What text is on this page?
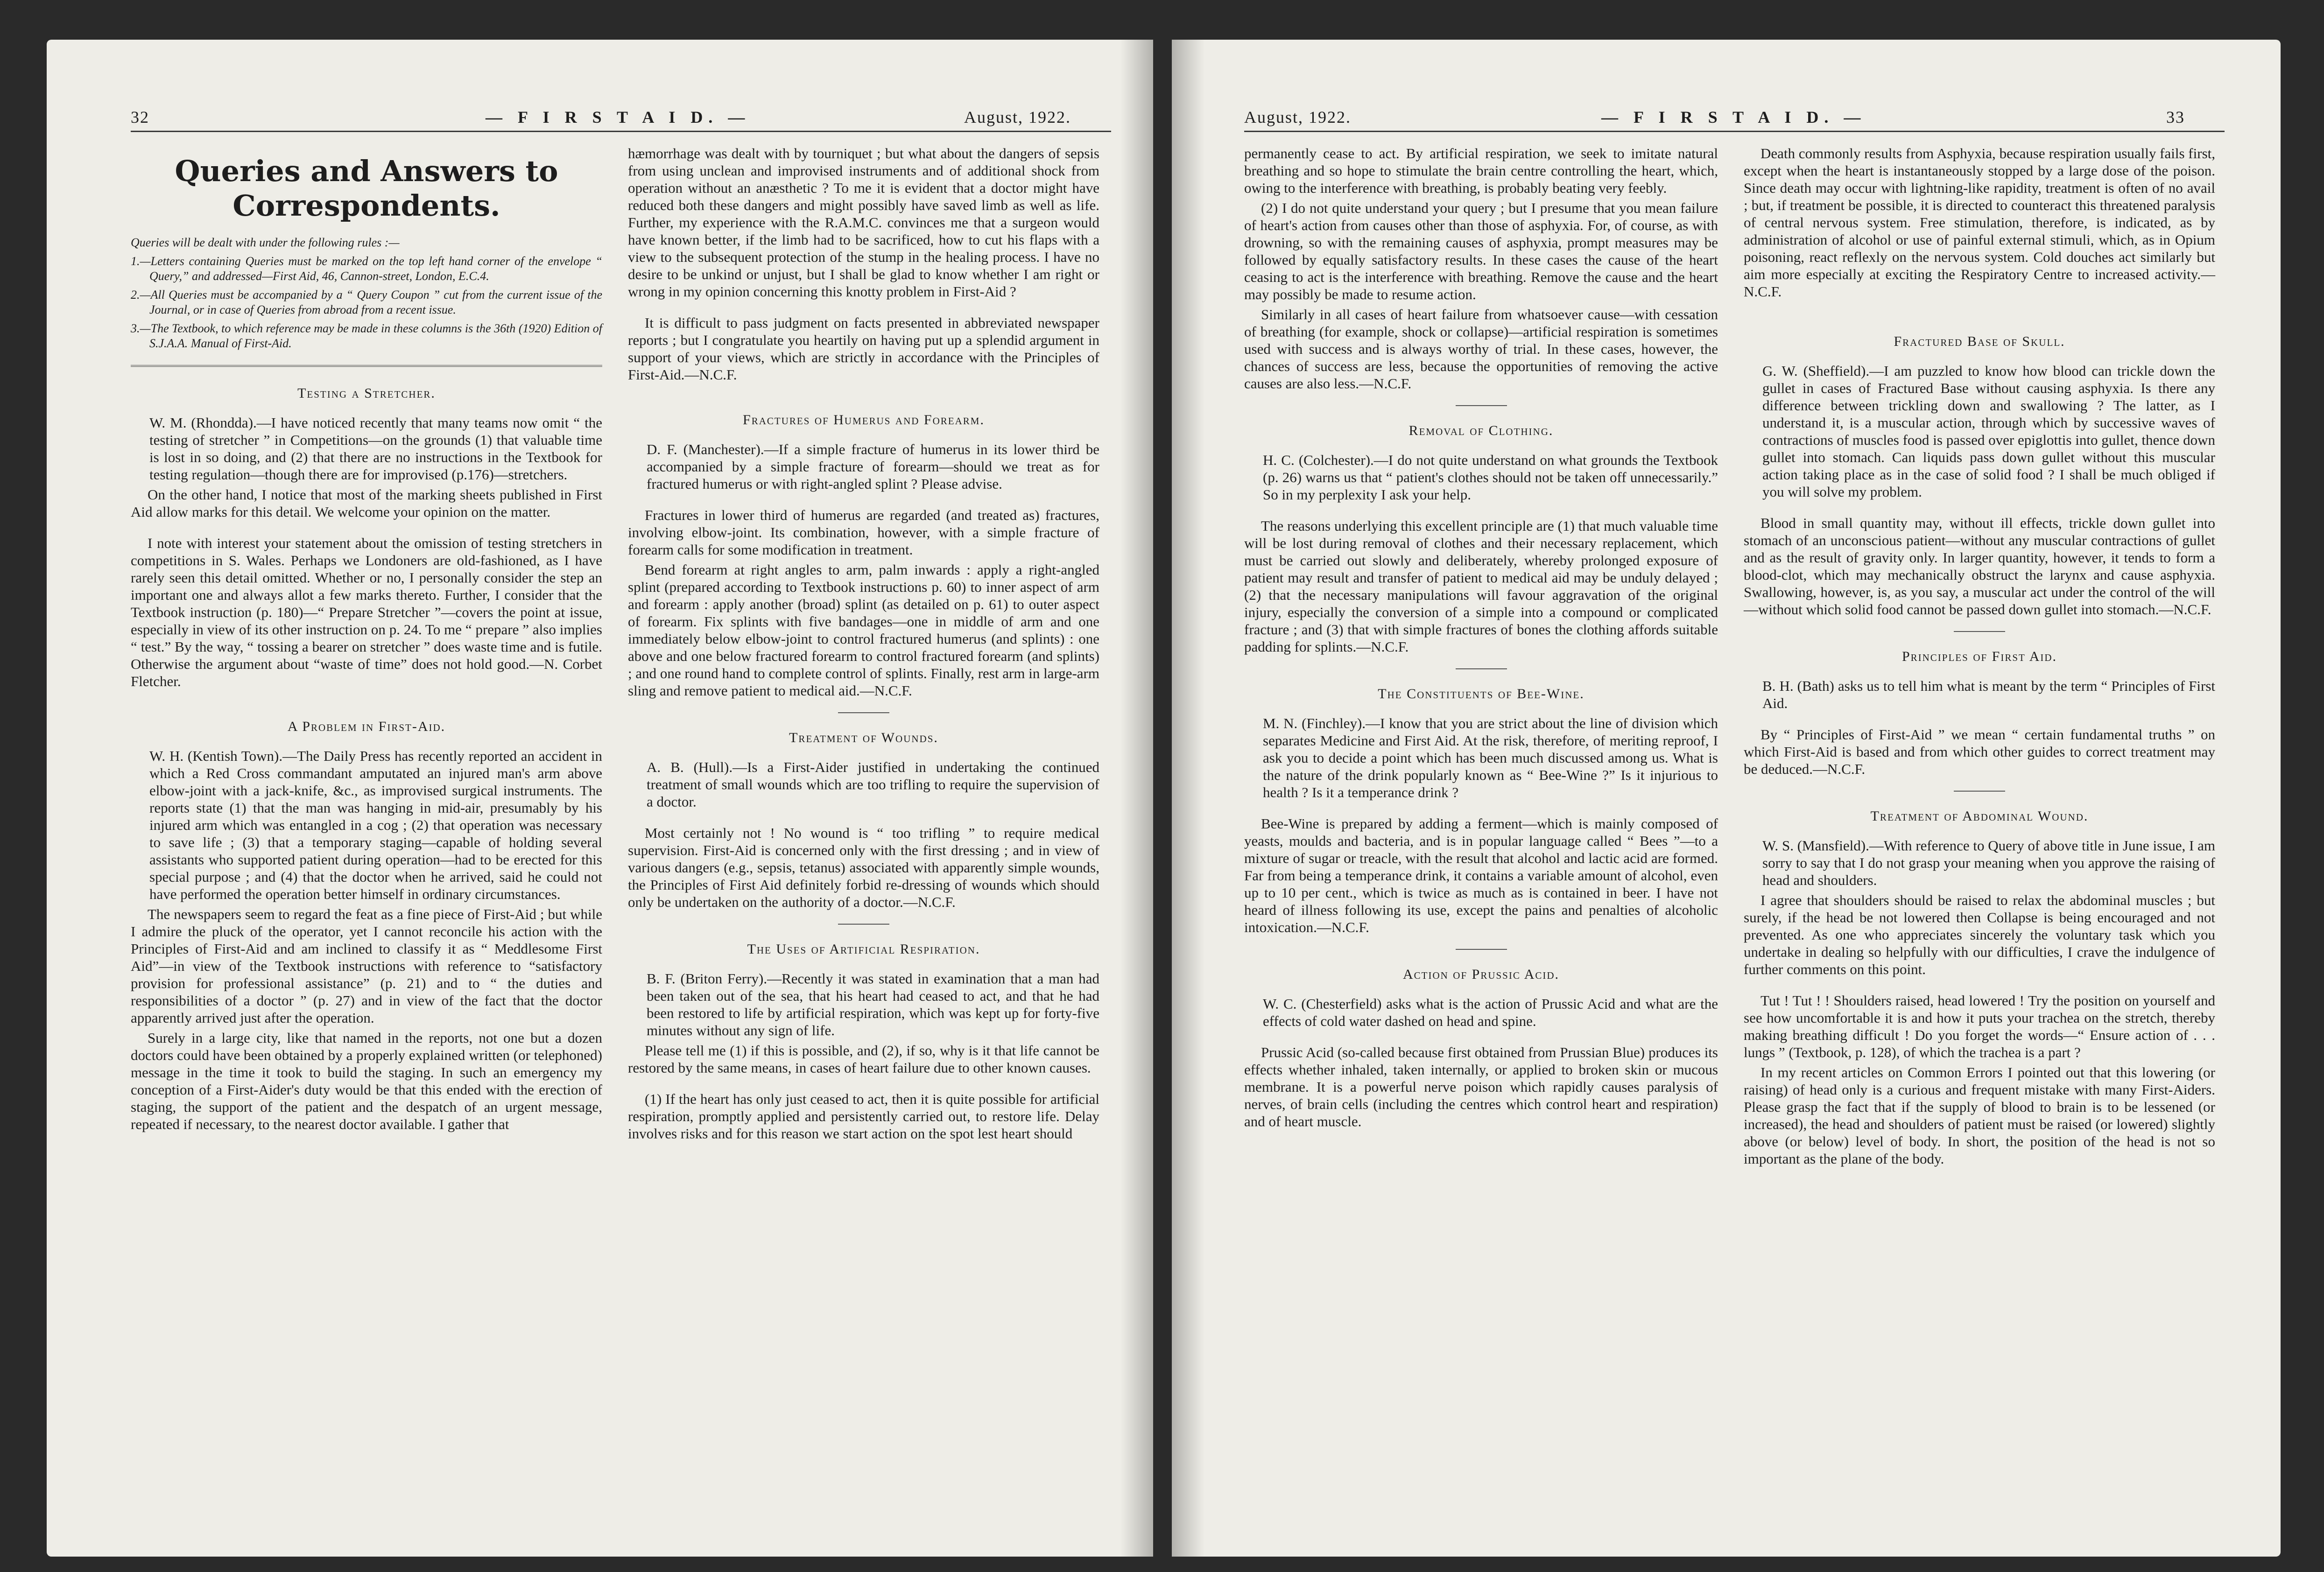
32	— F I R S T A I D. —	August, 1922.
Queries and Answers to Correspondents.

Queries will be dealt with under the following rules :—

1.—Letters containing Queries must be marked on the top left hand corner of the envelope “ Query,” and addressed—First Aid, 46, Cannon-street, London, E.C.4.

2.—All Queries must be accompanied by a “ Query Coupon ” cut from the current issue of the Journal, or in case of Queries from abroad from a recent issue.

3.—The Textbook, to which reference may be made in these columns is the 36th (1920) Edition of S.J.A.A. Manual of First-Aid.

Testing a Stretcher.

W. M. (Rhondda).—I have noticed recently that many teams now omit “ the testing of stretcher ” in Competitions—on the grounds (1) that valuable time is lost in so doing, and (2) that there are no instructions in the Textbook for testing regulation—though there are for improvised (p.176)—stretchers.

On the other hand, I notice that most of the marking sheets published in First Aid allow marks for this detail. We welcome your opinion on the matter.

I note with interest your statement about the omission of testing stretchers in competitions in S. Wales. Perhaps we Londoners are old-fashioned, as I have rarely seen this detail omitted. Whether or no, I personally consider the step an important one and always allot a few marks thereto. Further, I consider that the Textbook instruction (p. 180)—“ Prepare Stretcher ”—covers the point at issue, especially in view of its other instruction on p. 24. To me “ prepare ” also implies “ test.” By the way, “ tossing a bearer on stretcher ” does waste time and is futile. Otherwise the argument about “waste of time” does not hold good.—N. Corbet Fletcher.

A Problem in First-Aid.

W. H. (Kentish Town).—The Daily Press has recently reported an accident in which a Red Cross commandant amputated an injured man's arm above elbow-joint with a jack-knife, &c., as improvised surgical instruments. The reports state (1) that the man was hanging in mid-air, presumably by his injured arm which was entangled in a cog ; (2) that operation was necessary to save life ; (3) that a temporary staging—capable of holding several assistants who supported patient during operation—had to be erected for this special purpose ; and (4) that the doctor when he arrived, said he could not have performed the operation better himself in ordinary circumstances.

The newspapers seem to regard the feat as a fine piece of First-Aid ; but while I admire the pluck of the operator, yet I cannot reconcile his action with the Principles of First-Aid and am inclined to classify it as “ Meddlesome First Aid”—in view of the Textbook instructions with reference to “satisfactory provision for professional assistance” (p. 21) and to “ the duties and responsibilities of a doctor ” (p. 27) and in view of the fact that the doctor apparently arrived just after the operation.

Surely in a large city, like that named in the reports, not one but a dozen doctors could have been obtained by a properly explained written (or telephoned) message in the time it took to build the staging. In such an emergency my conception of a First-Aider's duty would be that this ended with the erection of staging, the support of the patient and the despatch of an urgent message, repeated if necessary, to the nearest doctor available. I gather that

hæmorrhage was dealt with by tourniquet ; but what about the dangers of sepsis from using unclean and improvised instruments and of additional shock from operation without an anæsthetic ? To me it is evident that a doctor might have reduced both these dangers and might possibly have saved limb as well as life. Further, my experience with the R.A.M.C. convinces me that a surgeon would have known better, if the limb had to be sacrificed, how to cut his flaps with a view to the subsequent protection of the stump in the healing process. I have no desire to be unkind or unjust, but I shall be glad to know whether I am right or wrong in my opinion concerning this knotty problem in First-Aid ?

It is difficult to pass judgment on facts presented in abbreviated newspaper reports ; but I congratulate you heartily on having put up a splendid argument in support of your views, which are strictly in accordance with the Principles of First-Aid.—N.C.F.

Fractures of Humerus and Forearm.

D. F. (Manchester).—If a simple fracture of humerus in its lower third be accompanied by a simple fracture of forearm—should we treat as for fractured humerus or with right-angled splint ? Please advise.

Fractures in lower third of humerus are regarded (and treated as) fractures, involving elbow-joint. Its combination, however, with a simple fracture of forearm calls for some modification in treatment.

Bend forearm at right angles to arm, palm inwards : apply a right-angled splint (prepared according to Textbook instructions p. 60) to inner aspect of arm and forearm : apply another (broad) splint (as detailed on p. 61) to outer aspect of forearm. Fix splints with five bandages—one in middle of arm and one immediately below elbow-joint to control fractured humerus (and splints) : one above and one below fractured forearm to control fractured forearm (and splints) ; and one round hand to complete control of splints. Finally, rest arm in large-arm sling and remove patient to medical aid.—N.C.F.

Treatment of Wounds.

A. B. (Hull).—Is a First-Aider justified in undertaking the continued treatment of small wounds which are too trifling to require the supervision of a doctor.

Most certainly not ! No wound is “ too trifling ” to require medical supervision. First-Aid is concerned only with the first dressing ; and in view of various dangers (e.g., sepsis, tetanus) associated with apparently simple wounds, the Principles of First Aid definitely forbid re-dressing of wounds which should only be undertaken on the authority of a doctor.—N.C.F.

The Uses of Artificial Respiration.

B. F. (Briton Ferry).—Recently it was stated in examination that a man had been taken out of the sea, that his heart had ceased to act, and that he had been restored to life by artificial respiration, which was kept up for forty-five minutes without any sign of life.

Please tell me (1) if this is possible, and (2), if so, why is it that life cannot be restored by the same means, in cases of heart failure due to other known causes.

(1) If the heart has only just ceased to act, then it is quite possible for artificial respiration, promptly applied and persistently carried out, to restore life. Delay involves risks and for this reason we start action on the spot lest heart should

August, 1922.	— F I R S T A I D. —	33

permanently cease to act. By artificial respiration, we seek to imitate natural breathing and so hope to stimulate the brain centre controlling the heart, which, owing to the interference with breathing, is probably beating very feebly.

(2) I do not quite understand your query ; but I presume that you mean failure of heart's action from causes other than those of asphyxia. For, of course, as with drowning, so with the remaining causes of asphyxia, prompt measures may be followed by equally satisfactory results. In these cases the cause of the heart ceasing to act is the interference with breathing. Remove the cause and the heart may possibly be made to resume action.

Similarly in all cases of heart failure from whatsoever cause—with cessation of breathing (for example, shock or collapse)—artificial respiration is sometimes used with success and is always worthy of trial. In these cases, however, the chances of success are less, because the opportunities of removing the active causes are also less.—N.C.F.

Removal of Clothing.

H. C. (Colchester).—I do not quite understand on what grounds the Textbook (p. 26) warns us that “ patient's clothes should not be taken off unnecessarily.” So in my perplexity I ask your help.

The reasons underlying this excellent principle are (1) that much valuable time will be lost during removal of clothes and their necessary replacement, which must be carried out slowly and deliberately, whereby prolonged exposure of patient may result and transfer of patient to medical aid may be unduly delayed ; (2) that the necessary manipulations will favour aggravation of the original injury, especially the conversion of a simple into a compound or complicated fracture ; and (3) that with simple fractures of bones the clothing affords suitable padding for splints.—N.C.F.

The Constituents of Bee-Wine.

M. N. (Finchley).—I know that you are strict about the line of division which separates Medicine and First Aid. At the risk, therefore, of meriting reproof, I ask you to decide a point which has been much discussed among us. What is the nature of the drink popularly known as “ Bee-Wine ?” Is it injurious to health ? Is it a temperance drink ?

Bee-Wine is prepared by adding a ferment—which is mainly composed of yeasts, moulds and bacteria, and is in popular language called “ Bees ”—to a mixture of sugar or treacle, with the result that alcohol and lactic acid are formed. Far from being a temperance drink, it contains a variable amount of alcohol, even up to 10 per cent., which is twice as much as is contained in beer. I have not heard of illness following its use, except the pains and penalties of alcoholic intoxication.—N.C.F.

Action of Prussic Acid.

W. C. (Chesterfield) asks what is the action of Prussic Acid and what are the effects of cold water dashed on head and spine.

Prussic Acid (so-called because first obtained from Prussian Blue) produces its effects whether inhaled, taken internally, or applied to broken skin or mucous membrane. It is a powerful nerve poison which rapidly causes paralysis of nerves, of brain cells (including the centres which control heart and respiration) and of heart muscle.

Death commonly results from Asphyxia, because respiration usually fails first, except when the heart is instantaneously stopped by a large dose of the poison. Since death may occur with lightning-like rapidity, treatment is often of no avail ; but, if treatment be possible, it is directed to counteract this threatened paralysis of central nervous system. Free stimulation, therefore, is indicated, as by administration of alcohol or use of painful external stimuli, which, as in Opium poisoning, react reflexly on the nervous system. Cold douches act similarly but aim more especially at exciting the Respiratory Centre to increased activity.—N.C.F.

Fractured Base of Skull.

G. W. (Sheffield).—I am puzzled to know how blood can trickle down the gullet in cases of Fractured Base without causing asphyxia. Is there any difference between trickling down and swallowing ? The latter, as I understand it, is a muscular action, through which by successive waves of contractions of muscles food is passed over epiglottis into gullet, thence down gullet into stomach. Can liquids pass down gullet without this muscular action taking place as in the case of solid food ? I shall be much obliged if you will solve my problem.

Blood in small quantity may, without ill effects, trickle down gullet into stomach of an unconscious patient—without any muscular contractions of gullet and as the result of gravity only. In larger quantity, however, it tends to form a blood-clot, which may mechanically obstruct the larynx and cause asphyxia. Swallowing, however, is, as you say, a muscular act under the control of the will—without which solid food cannot be passed down gullet into stomach.—N.C.F.

Principles of First Aid.

B. H. (Bath) asks us to tell him what is meant by the term “ Principles of First Aid.

By “ Principles of First-Aid ” we mean “ certain fundamental truths ” on which First-Aid is based and from which other guides to correct treatment may be deduced.—N.C.F.

Treatment of Abdominal Wound.

W. S. (Mansfield).—With reference to Query of above title in June issue, I am sorry to say that I do not grasp your meaning when you approve the raising of head and shoulders.

I agree that shoulders should be raised to relax the abdominal muscles ; but surely, if the head be not lowered then Collapse is being encouraged and not prevented. As one who appreciates sincerely the voluntary task which you undertake in dealing so helpfully with our difficulties, I crave the indulgence of further comments on this point.

Tut ! Tut ! ! Shoulders raised, head lowered ! Try the position on yourself and see how uncomfortable it is and how it puts your trachea on the stretch, thereby making breathing difficult ! Do you forget the words—“ Ensure action of . . . lungs ” (Textbook, p. 128), of which the trachea is a part ?

In my recent articles on Common Errors I pointed out that this lowering (or raising) of head only is a curious and frequent mistake with many First-Aiders. Please grasp the fact that if the supply of blood to brain is to be lessened (or increased), the head and shoulders of patient must be raised (or lowered) slightly above (or below) level of body. In short, the position of the head is not so important as the plane of the body.
